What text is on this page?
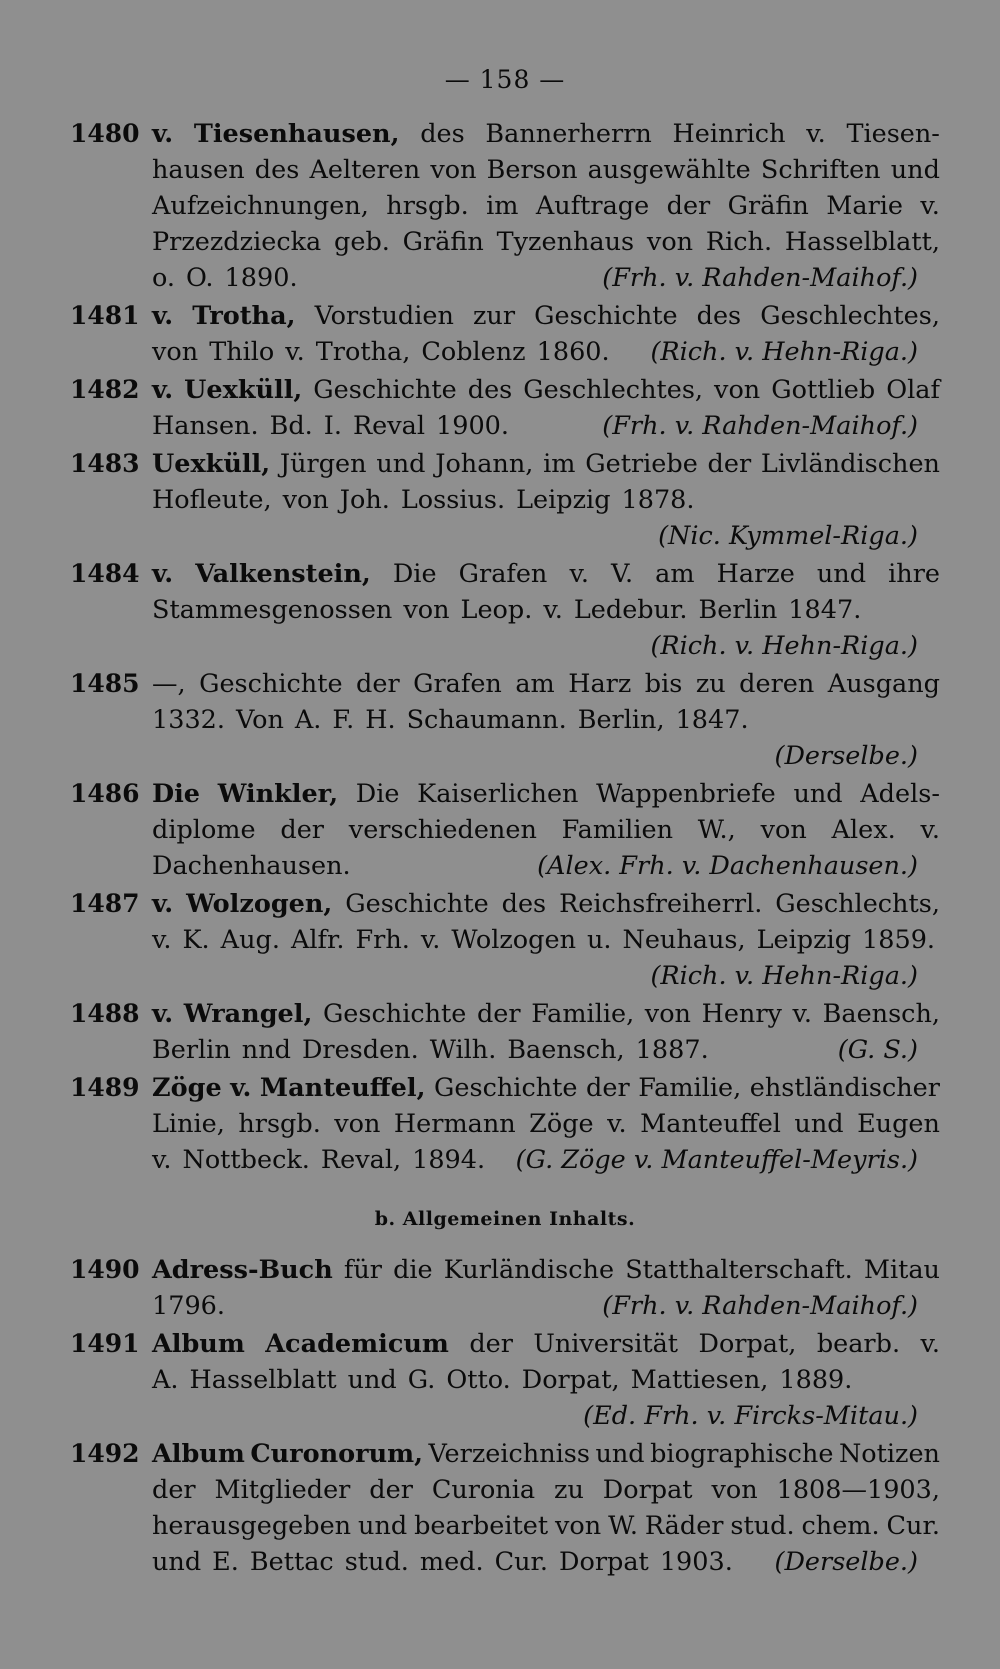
— 158 —
1480 v. Tiesenhausen, des Bannerherrn Heinrich v. Tiesen-
hausen des Aelteren von Berson ausgewählte Schriften und
Aufzeichnungen, hrsgb. im Auftrage der Gräfin Marie v.
Przezdziecka geb. Gräfin Tyzenhaus von Rich. Hasselblatt,
o. O. 1890.	(Frh. v. Rahden-Maihof.)
1481 v. Trotha, Vorstudien zur Geschichte des Geschlechtes,
von Thilo v. Trotha, Coblenz 1860. (Rich. v. Hehn-Riga.)
1482 v. Uexküll, Geschichte des Geschlechtes, von Gottlieb Olaf
Hansen. Bd. I. Reval 1900.	(Frh. v. Rahden-Maihof.)
1483 Uexküll, Jürgen und Johann, im Getriebe der Livländischen
Hofleute, von Joh. Lossius. Leipzig 1878.
(Nic. Kymmel-Riga.)
1484 v. Valkenstein, Die Grafen v. V. am Harze und ihre
Stammesgenossen von Leop. v. Ledebur. Berlin 1847.
(Rich. v. Hehn-Riga.)
1485 —, Geschichte der Grafen am Harz bis zu deren Ausgang
1332. Von A. F. H. Schaumann. Berlin, 1847.
(Derselbe.)
1486 Die Winkler, Die Kaiserlichen Wappenbriefe und Adels-
diplome der verschiedenen Familien W., von Alex. v.
Dachenhausen.	(Alex. Frh. v. Dachenhausen.)
1487 v. Wolzogen, Geschichte des Reichsfreiherrl. Geschlechts,
v. K. Aug. Alfr. Frh. v. Wolzogen u. Neuhaus, Leipzig 1859.
(Rich. v. Hehn-Riga.)
1488 v. Wrangel, Geschichte der Familie, von Henry v. Baensch,
Berlin nnd Dresden. Wilh. Baensch, 1887.	(G. S.)
1489 Zöge v. Manteuffel, Geschichte der Familie, ehstländischer
Linie, hrsgb. von Hermann Zöge v. Manteuffel und Eugen
v. Nottbeck. Reval, 1894. (G. Zöge v. Manteuffel-Meyris.)
b. Allgemeinen Inhalts.
1490 Adress-Buch für die Kurländische Statthalterschaft. Mitau
1796.	(Frh. v. Rahden-Maihof.)
1491 Album Academicum der Universität Dorpat, bearb. v.
A. Hasselblatt und G. Otto. Dorpat, Mattiesen, 1889.
(Ed. Frh. v. Fircks-Mitau.)
1492 Album Curonorum, Verzeichniss und biographische Notizen
der Mitglieder der Curonia zu Dorpat von 1808—1903,
herausgegeben und bearbeitet von W. Räder stud. chem. Cur.
und E. Bettac stud. med. Cur. Dorpat 1903. (Derselbe.)
